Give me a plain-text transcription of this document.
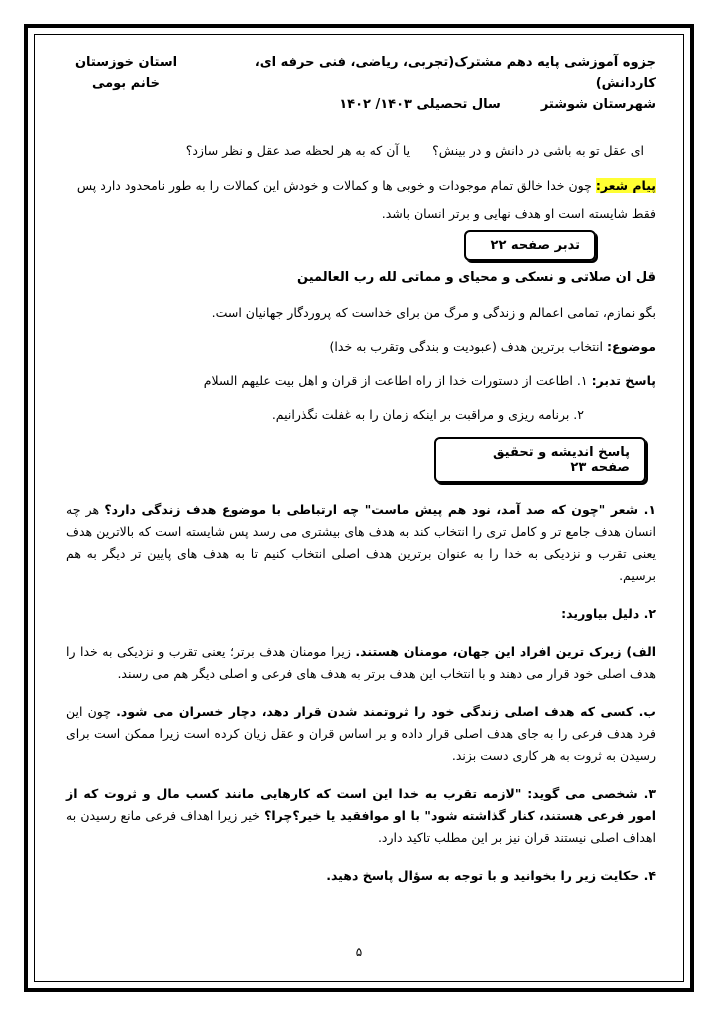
جزوه آموزشی پایه دهم مشترک(تجربی، ریاضی، فنی حرفه ای، کاردانش)
شهرستان شوشتر
سال تحصیلی ۱۴۰۳/ ۱۴۰۲
استان خوزستان
خانم بومی
ای عقل تو به باشی در دانش و در بینش؟
یا آن که به هر لحظه صد عقل و نظر سازد؟
پیام شعر: چون خدا خالق تمام موجودات و خوبی ها و کمالات و خودش این کمالات را به طور نامحدود دارد پس فقط شایسته است او هدف نهایی و برتر انسان باشد.
تدبر صفحه ۲۲
قل ان صلاتی و نسکی و محیای و مماتی لله رب العالمین
بگو نمازم، تمامی اعمالم و زندگی و مرگ من برای خداست که پروردگار جهانیان است.
موضوع: انتخاب برترین هدف (عبودیت و بندگی وتقرب به خدا)
پاسخ تدبر: ۱. اطاعت از دستورات خدا از راه اطاعت از قران و اهل بیت علیهم السلام
۲. برنامه ریزی و مراقبت بر اینکه زمان را به غفلت نگذرانیم.
پاسخ اندیشه و تحقیق صفحه ۲۳
۱. شعر "چون که صد آمد، نود هم پیش ماست" چه ارتباطی با موضوع هدف زندگی دارد؟ هر چه انسان هدف جامع تر و کامل تری را انتخاب کند به هدف های بیشتری می رسد پس شایسته است که بالاترین هدف یعنی تقرب و نزدیکی به خدا را به عنوان برترین هدف اصلی انتخاب کنیم تا به هدف های پایین تر دیگر به هم برسیم.
۲. دلیل بیاورید:
الف) زیرک ترین افراد این جهان، مومنان هستند. زیرا مومنان هدف برتر؛ یعنی تقرب و نزدیکی به خدا را هدف اصلی خود قرار می دهند و با انتخاب این هدف برتر به هدف های فرعی و اصلی دیگر هم می رسند.
ب. کسی که هدف اصلی زندگی خود را ثروتمند شدن قرار دهد، دچار خسران می شود. چون این فرد هدف فرعی را به جای هدف اصلی قرار داده و بر اساس قران و عقل زیان کرده است زیرا ممکن است برای رسیدن به ثروت به هر کاری دست بزند.
۳. شخصی می گوید: "لازمه تقرب به خدا این است که کارهایی مانند کسب مال و ثروت که از امور فرعی هستند، کنار گذاشته شود" با او موافقید یا خیر؟چرا؟ خیر زیرا اهداف فرعی مانع رسیدن به اهداف اصلی نیستند قران نیز بر این مطلب تاکید دارد.
۴. حکایت زیر را بخوانید و با توجه به سؤال پاسخ دهید.
۵
